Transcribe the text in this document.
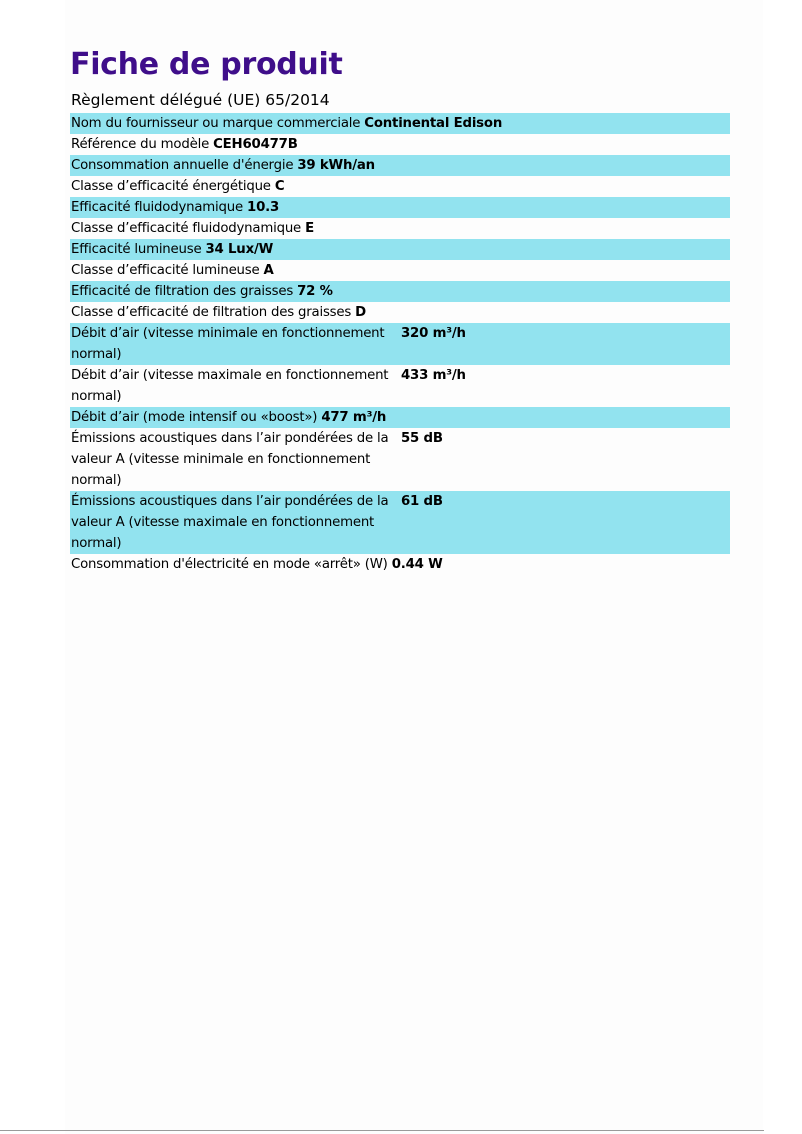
Fiche de produit
Règlement délégué (UE) 65/2014
Nom du fournisseur ou marque commerciale Continental Edison	
Référence du modèle CEH60477B	
Consommation annuelle d'énergie 39 kWh/an	
Classe d’efficacité énergétique C	
Efficacité fluidodynamique 10.3	
Classe d’efficacité fluidodynamique E	
Efficacité lumineuse 34 Lux/W	
Classe d’efficacité lumineuse A	
Efficacité de filtration des graisses 72 %	
Classe d’efficacité de filtration des graisses D	
Débit d’air (vitesse minimale en fonctionnement normal)	320 m³/h
Débit d’air (vitesse maximale en fonctionnement normal)	433 m³/h
Débit d’air (mode intensif ou «boost») 477 m³/h	
Émissions acoustiques dans l’air pondérées de la valeur A (vitesse minimale en fonctionnement normal)	55 dB
Émissions acoustiques dans l’air pondérées de la valeur A (vitesse maximale en fonctionnement normal)	61 dB
Consommation d'électricité en mode «arrêt» (W) 0.44 W	
